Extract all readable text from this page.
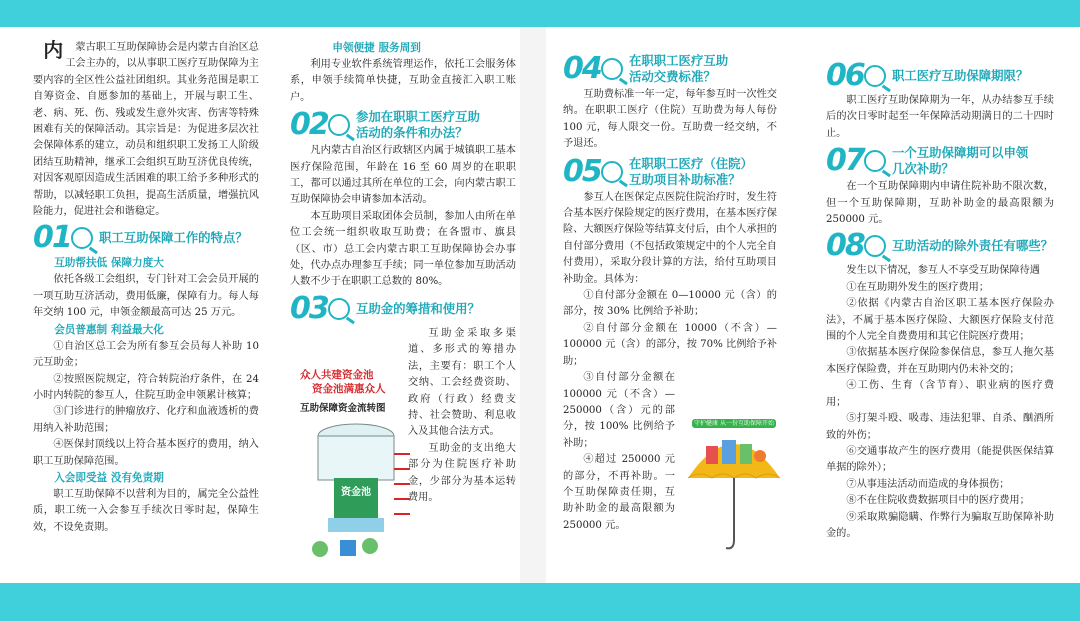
内 蒙古职工互助保障协会是内蒙古自治区总工会主办的，以从事职工医疗互助保障为主要内容的全区性公益社团组织。其业务范围是职工自筹资金、自愿参加的基础上，开展与职工生、老、病、死、伤、残或发生意外灾害、伤害等特殊困难有关的保障活动。其宗旨是：为促进多层次社会保障体系的建立，动员和组织职工发扬工人阶级团结互助精神，继承工会组织互助互济优良传统，对因客观原因造成生活困难的职工给予多种形式的帮助，以减轻职工负担，提高生活质量，增强抗风险能力，促进社会和谐稳定。

01 职工互助保障工作的特点？

互助帮扶低 保障力度大

依托各级工会组织，专门针对工会会员开展的一项互助互济活动，费用低廉，保障有力。每人每年交纳 100 元，申领金额最高可达 25 万元。

会员普惠制 利益最大化

①自治区总工会为所有参互会员每人补助 10 元互助金；

②按照医院规定，符合转院治疗条件，在 24 小时内转院的参互人，住院互助金申领累计核算；

③门诊进行的肿瘤放疗、化疗和血液透析的费用纳入补助范围；

④医保封顶线以上符合基本医疗的费用，纳入职工互助保障范围。

入会即受益 没有免责期

职工互助保障不以营利为目的，属完全公益性质，职工统一入会参互手续次日零时起，保障生效，不设免责期。

申领便捷 服务周到

利用专业软件系统管理运作，依托工会服务体系，申领手续简单快捷，互助金直接汇入职工账户。

02 参加在职职工医疗互助
活动的条件和办法？

凡内蒙古自治区行政辖区内属于城镇职工基本医疗保险范围，年龄在 16 至 60 周岁的在职职工，都可以通过其所在单位的工会，向内蒙古职工互助保障协会申请参加本活动。

本互助项目采取团体会员制，参加人由所在单位工会统一组织收取互助费；在各盟市、旗县（区、市）总工会内蒙古职工互助保障协会办事处，代办点办理参互手续；同一单位参加互助活动人数不少于在职职工总数的 80%。

03 互助金的筹措和使用？

互助金采取多渠道、多形式的筹措办法，主要有：职工个人交纳、工会经费资助、政府（行政）经费支持、社会赞助、利息收入及其他合法方式。

互助金的支出绝大部分为住院医疗补助金，少部分为基本运转费用。

众人共建资金池
资金池满惠众人
互助保障资金流转图
资金池
04 在职职工医疗互助
活动交费标准？

互助费标准一年一定，每年参互时一次性交纳。在职职工医疗（住院）互助费为每人每份 100 元，每人限交一份。互助费一经交纳，不予退还。

05 在职职工医疗（住院）
互助项目补助标准？

参互人在医保定点医院住院治疗时，发生符合基本医疗保险规定的医疗费用，在基本医疗保险、大额医疗保险等结算支付后，由个人承担的自付部分费用（不包括政策规定中的个人完全自付费用），采取分段计算的方法，给付互助项目补助金。具体为：

①自付部分金额在 0—10000 元（含）的部分，按 30% 比例给予补助；

②自付部分金额在 10000（不含）—100000 元（含）的部分，按 70% 比例给予补助；

③自付部分金额在 100000 元（不含）—250000（含）元的部分，按 100% 比例给予补助；

④超过 250000 元的部分，不再补助。一个互助保障责任期，互助补助金的最高限额为 250000 元。

守护健康 从一份互助保障开始
06 职工医疗互助保障期限？

职工医疗互助保障期为一年，从办结参互手续后的次日零时起至一年保障活动期满日的二十四时止。

07 一个互助保障期可以申领
几次补助？

在一个互助保障期内申请住院补助不限次数，但一个互助保障期，互助补助金的最高限额为 250000 元。

08 互助活动的除外责任有哪些？

发生以下情况，参互人不享受互助保障待遇

①在互助期外发生的医疗费用；

②依据《内蒙古自治区职工基本医疗保险办法》，不属于基本医疗保险、大额医疗保险支付范围的个人完全自费费用和其它住院医疗费用；

③依据基本医疗保险参保信息，参互人拖欠基本医疗保险费，并在互助期内仍未补交的；

④工伤、生育（含节育）、职业病的医疗费用；

⑤打架斗殴、吸毒、违法犯罪、自杀、酗酒所致的外伤；

⑥交通事故产生的医疗费用（能提供医保结算单据的除外）；

⑦从事违法活动而造成的身体损伤；

⑧不在住院收费数据项目中的医疗费用；

⑨采取欺骗隐瞒、作弊行为骗取互助保障补助金的。
